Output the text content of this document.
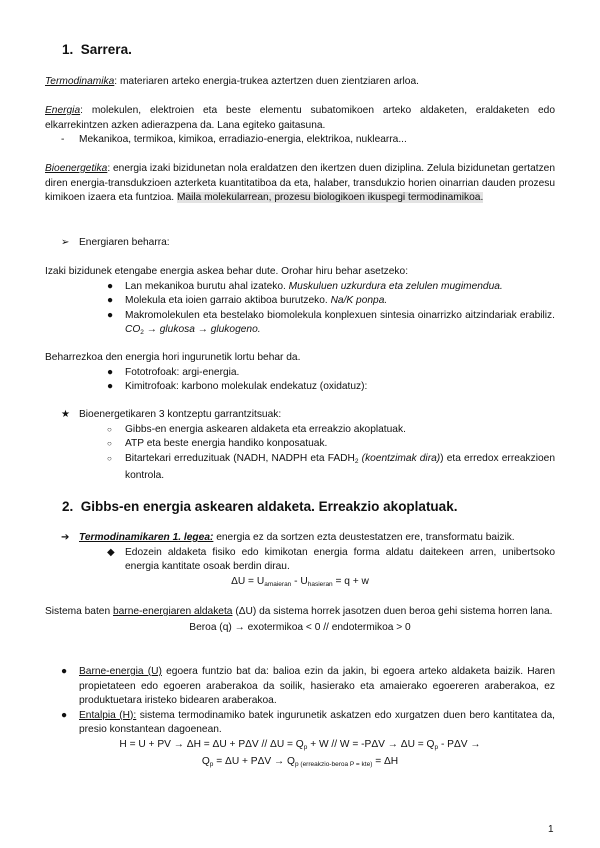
1. Sarrera.
Termodinamika: materiaren arteko energia-trukea aztertzen duen zientziaren arloa.
Energia: molekulen, elektroien eta beste elementu subatomikoen arteko aldaketen, eraldaketen edo elkarrekintzen azken adierazpena da. Lana egiteko gaitasuna.
- Mekanikoa, termikoa, kimikoa, erradiazio-energia, elektrikoa, nuklearra...
Bioenergetika: energia izaki bizidunetan nola eraldatzen den ikertzen duen diziplina. Zelula bizidunetan gertatzen diren energia-transdukzioen azterketa kuantitatiboa da eta, halaber, transdukzio horien oinarrian dauden prozesu kimikoen izaera eta funtzioa. Maila molekularrean, prozesu biologikoen ikuspegi termodinamikoa.
➢ Energiaren beharra:
Izaki bizidunek etengabe energia askea behar dute. Orohar hiru behar asetzeko:
● Lan mekanikoa burutu ahal izateko. Muskuluen uzkurdura eta zelulen mugimendua.
● Molekula eta ioien garraio aktiboa burutzeko. Na/K ponpa.
● Makromolekulen eta bestelako biomolekula konplexuen sintesia oinarrizko aitzindariak erabiliz. $CO_2$ → glukosa → glukogeno.
Beharrezkoa den energia hori ingurunetik lortu behar da.
● Fototrofoak: argi-energia.
● Kimitrofoak: karbono molekulak endekatuz (oxidatuz):
★ Bioenergetikaren 3 kontzeptu garrantzitsuak:
○ Gibbs-en energia askearen aldaketa eta erreakzio akoplatuak.
○ ATP eta beste energia handiko konposatuak.
○ Bitartekari erreduzituak (NADH, NADPH eta $FADH_2$ (koentzimak dira)) eta erredox erreakzioen kontrola.
2. Gibbs-en energia askearen aldaketa. Erreakzio akoplatuak.
➔ Termodinamikaren 1. legea: energia ez da sortzen ezta deustestatzen ere, transformatu baizik.
◆ Edozein aldaketa fisiko edo kimikotan energia forma aldatu daitekeen arren, unibertsoko energia kantitate osoak berdin dirau.
$\Delta U = U_{amaieran} - U_{hasieran} = q + w$
Sistema baten barne-energiaren aldaketa (ΔU) da sistema horrek jasotzen duen beroa gehi sistema horren lana.
Beroa (q) → exotermikoa < 0 // endotermikoa > 0
● Barne-energia (U) egoera funtzio bat da: balioa ezin da jakin, bi egoera arteko aldaketa baizik. Haren propietateen edo egoeren araberakoa da soilik, hasierako eta amaierako egoereren araberakoa, ez produktuetara iristeko bidearen araberakoa.
● Entalpia (H): sistema termodinamiko batek ingurunetik askatzen edo xurgatzen duen bero kantitatea da, presio konstantean dagoenean.
H = U + PV → $\Delta H = \Delta U + P\Delta V // \Delta U = Q_p + W // W = -P\Delta V \to \Delta U = Q_p - P\Delta V$ →
$Q_p = \Delta U + P\Delta V \to Q_{p (erreakzio-beroa P = kte)} = \Delta H$
1
